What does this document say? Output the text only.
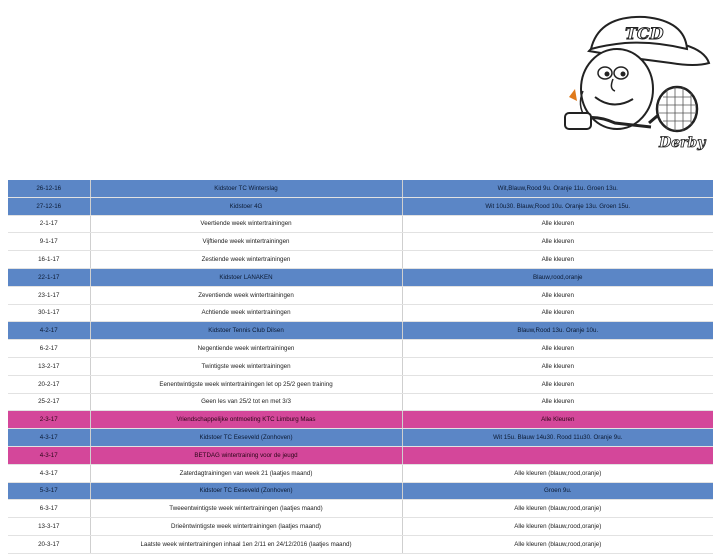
TCD
Derby
26-12-16	Kidstoer TC Winterslag	Wit,Blauw,Rood 9u. Oranje 11u. Groen 13u.
27-12-16	Kidstoer 4G	Wit 10u30. Blauw,Rood 10u. Oranje 13u. Groen 15u.
2-1-17	Veertiende week wintertrainingen	Alle kleuren
9-1-17	Vijftiende week wintertrainingen	Alle kleuren
16-1-17	Zestiende week wintertrainingen	Alle kleuren
22-1-17	Kidstoer LANAKEN	Blauw,rood,oranje
23-1-17	Zeventiende week wintertrainingen	Alle kleuren
30-1-17	Achtiende week wintertrainingen	Alle kleuren
4-2-17	Kidstoer Tennis Club Dilsen	Blauw,Rood 13u. Oranje 10u.
6-2-17	Negentiende week wintertrainingen	Alle kleuren
13-2-17	Twintigste week wintertrainingen	Alle kleuren
20-2-17	Eenentwintigste week wintertrainingen let op 25/2 geen training	Alle kleuren
25-2-17	Geen les van 25/2 tot en met 3/3	Alle kleuren
2-3-17	Vriendschappelijke ontmoeting KTC Limburg Maas	Alle Kleuren
4-3-17	Kidstoer TC Eeseveld (Zonhoven)	Wit 15u. Blauw 14u30. Rood 11u30. Oranje 9u.
4-3-17	BETDAG wintertraining voor de jeugd	
4-3-17	Zaterdagtrainingen van week 21 (laatjes maand)	Alle kleuren (blauw,rood,oranje)
5-3-17	Kidstoer TC Eeseveld (Zonhoven)	Groen 9u.
6-3-17	Tweeentwintigste week wintertrainingen (laatjes maand)	Alle kleuren (blauw,rood,oranje)
13-3-17	Drieëntwintigste week wintertrainingen (laatjes maand)	Alle kleuren (blauw,rood,oranje)
20-3-17	Laatste week wintertrainingen inhaal 1en 2/11 en 24/12/2016 (laatjes maand)	Alle kleuren (blauw,rood,oranje)
